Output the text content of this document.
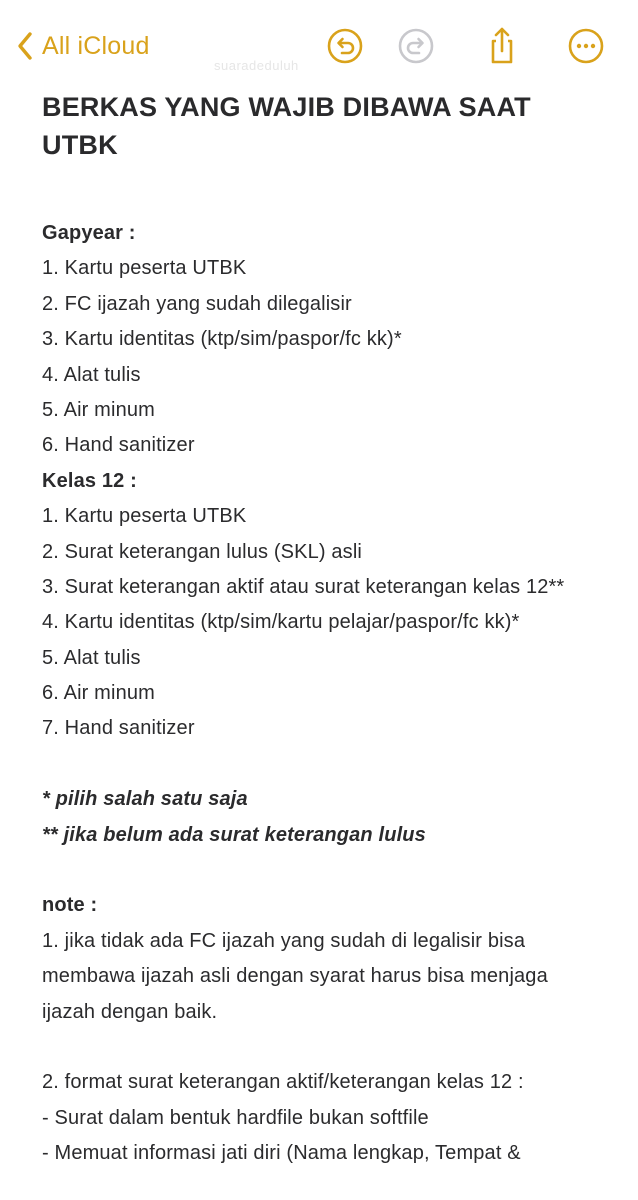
All iCloud
suaradeduluh
BERKAS YANG WAJIB DIBAWA SAAT UTBK
Gapyear :
1. Kartu peserta UTBK
2. FC ijazah yang sudah dilegalisir
3. Kartu identitas (ktp/sim/paspor/fc kk)*
4. Alat tulis
5. Air minum
6. Hand sanitizer
Kelas 12 :
1. Kartu peserta UTBK
2. Surat keterangan lulus (SKL) asli
3. Surat keterangan aktif atau surat keterangan kelas 12**
4. Kartu identitas (ktp/sim/kartu pelajar/paspor/fc kk)*
5. Alat tulis
6. Air minum
7. Hand sanitizer
* pilih salah satu saja
** jika belum ada surat keterangan lulus
note :
1. jika tidak ada FC ijazah yang sudah di legalisir bisa membawa ijazah asli dengan syarat harus bisa menjaga ijazah dengan baik.
2. format surat keterangan aktif/keterangan kelas 12 :
- Surat dalam bentuk hardfile bukan softfile
- Memuat informasi jati diri (Nama lengkap, Tempat &
